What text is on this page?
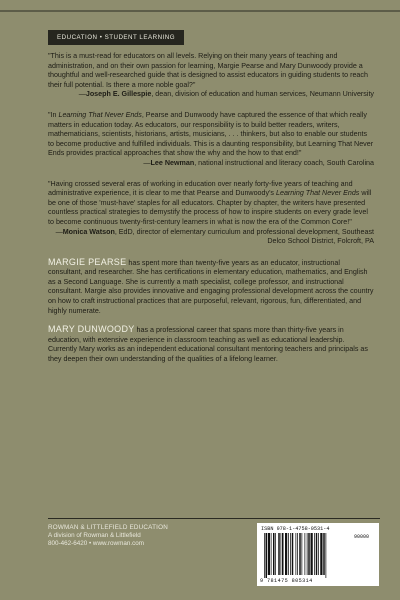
EDUCATION • STUDENT LEARNING

"This is a must-read for educators on all levels. Relying on their many years of teaching and administration, and on their own passion for learning, Margie Pearse and Mary Dunwoody provide a thoughtful and well-researched guide that is designed to assist educators in guiding students to reach their full potential. Is there a more noble goal?"

—Joseph E. Gillespie, dean, division of education and human services, Neumann University

"In Learning That Never Ends, Pearse and Dunwoody have captured the essence of that which really matters in education today. As educators, our responsibility is to build better readers, writers, mathematicians, scientists, historians, artists, musicians, . . . thinkers, but also to enable our students to become productive and fulfilled individuals. This is a daunting responsibility, but Learning That Never Ends provides practical approaches that show the why and the how to that end!"

—Lee Newman, national instructional and literacy coach, South Carolina

"Having crossed several eras of working in education over nearly forty-five years of teaching and administrative experience, it is clear to me that Pearse and Dunwoody's Learning That Never Ends will be one of those 'must-have' staples for all educators. Chapter by chapter, the writers have presented countless practical strategies to demystify the process of how to inspire students on every grade level to become continuous twenty-first-century learners in what is now the era of the Common Core!"

—Monica Watson, EdD, director of elementary curriculum and professional development, Southeast Delco School District, Folcroft, PA

MARGIE PEARSE has spent more than twenty-five years as an educator, instructional consultant, and researcher. She has certifications in elementary education, mathematics, and English as a Second Language. She is currently a math specialist, college professor, and instructional consultant. Margie also provides innovative and engaging professional development across the country on how to craft instructional practices that are purposeful, relevant, rigorous, fun, differentiated, and highly numerate.

MARY DUNWOODY has a professional career that spans more than thirty-five years in education, with extensive experience in classroom teaching as well as educational leadership. Currently Mary works as an independent educational consultant mentoring teachers and principals as they deepen their own understanding of the qualities of a lifelong learner.

ROWMAN & LITTLEFIELD EDUCATION
A division of Rowman & Littlefield
800-462-6420 • www.rowman.com
ISBN 978-1-4758-0531-4
90000
9 781475 805314
